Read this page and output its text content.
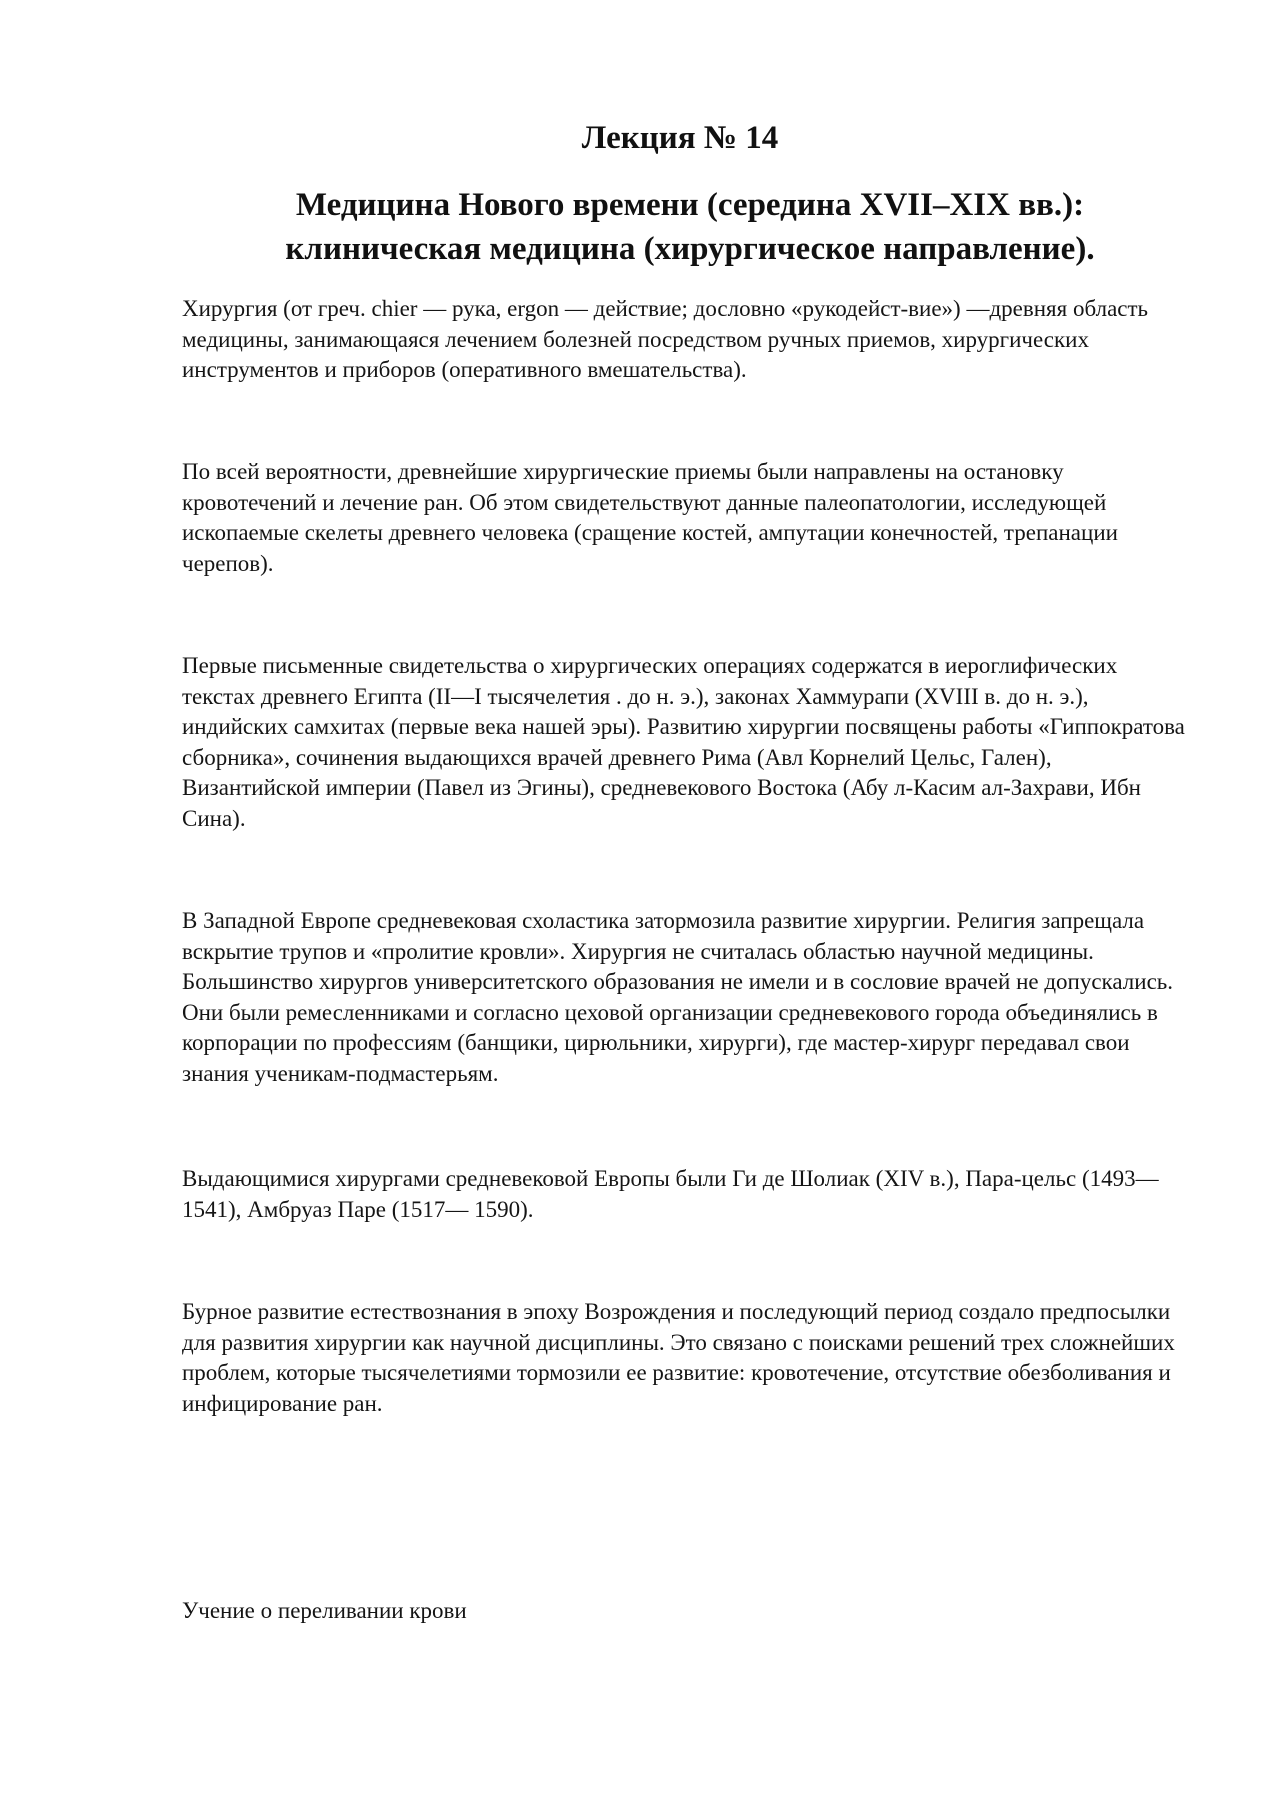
Лекция № 14
Медицина Нового времени (середина XVII–XIX вв.):
клиническая медицина (хирургическое направление).

Хирургия (от греч. chier — рука, ergon — действие; дословно «рукодейст-вие») —древняя область медицины, занимающаяся лечением болезней посредством ручных приемов, хирургических инструментов и приборов (оперативного вмешательства).

По всей вероятности, древнейшие хирургические приемы были направлены на остановку кровотечений и лечение ран. Об этом свидетельствуют данные палеопатологии, исследующей ископаемые скелеты древнего человека (сращение костей, ампутации конечностей, трепанации черепов).

Первые письменные свидетельства о хирургических операциях содержатся в иероглифических текстах древнего Египта (II—I тысячелетия . до н. э.), законах Хаммурапи (XVIII в. до н. э.), индийских самхитах (первые века нашей эры). Развитию хирургии посвящены работы «Гиппократова сборника», сочинения выдающихся врачей древнего Рима (Авл Корнелий Цельс, Гален), Византийской империи (Павел из Эгины), средневекового Востока (Абу л-Касим ал-Захрави, Ибн Сина).

В Западной Европе средневековая схоластика затормозила развитие хирургии. Религия запрещала вскрытие трупов и «пролитие кровли». Хирургия не считалась областью научной медицины. Большинство хирургов университетского образования не имели и в сословие врачей не допускались. Они были ремесленниками и согласно цеховой организации средневекового города объединялись в корпорации по профессиям (банщики, цирюльники, хирурги), где мастер-хирург передавал свои знания ученикам-подмастерьям.

Выдающимися хирургами средневековой Европы были Ги де Шолиак (XIV в.), Пара-цельс (1493—1541), Амбруаз Паре (1517— 1590).

Бурное развитие естествознания в эпоху Возрождения и последующий период создало предпосылки для развития хирургии как научной дисциплины. Это связано с поисками решений трех сложнейших проблем, которые тысячелетиями тормозили ее развитие: кровотечение, отсутствие обезболивания и инфицирование ран.

Учение о переливании крови
